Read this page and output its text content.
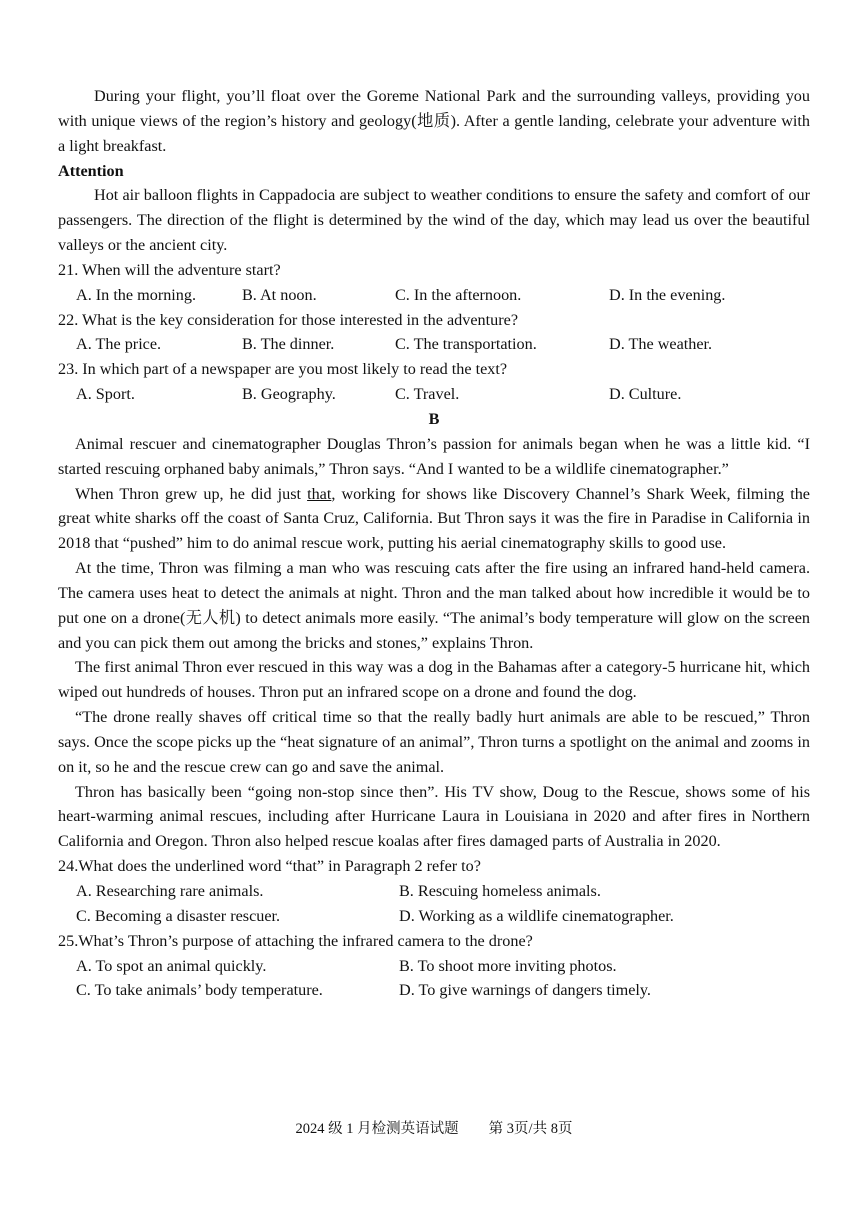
During your flight, you’ll float over the Goreme National Park and the surrounding valleys, providing you with unique views of the region’s history and geology(地质). After a gentle landing, celebrate your adventure with a light breakfast.

Attention

Hot air balloon flights in Cappadocia are subject to weather conditions to ensure the safety and comfort of our passengers. The direction of the flight is determined by the wind of the day, which may lead us over the beautiful valleys or the ancient city.

21. When will the adventure start?
A. In the morning.	B. At noon.	C. In the afternoon.	D. In the evening.
22. What is the key consideration for those interested in the adventure?
A. The price.	B. The dinner.	C. The transportation.	D. The weather.
23. In which part of a newspaper are you most likely to read the text?
A. Sport.	B. Geography.	C. Travel.	D. Culture.
B

Animal rescuer and cinematographer Douglas Thron’s passion for animals began when he was a little kid. “I started rescuing orphaned baby animals,” Thron says. “And I wanted to be a wildlife cinematographer.”

When Thron grew up, he did just that, working for shows like Discovery Channel’s Shark Week, filming the great white sharks off the coast of Santa Cruz, California. But Thron says it was the fire in Paradise in California in 2018 that “pushed” him to do animal rescue work, putting his aerial cinematography skills to good use.

At the time, Thron was filming a man who was rescuing cats after the fire using an infrared hand-held camera. The camera uses heat to detect the animals at night. Thron and the man talked about how incredible it would be to put one on a drone(无人机) to detect animals more easily. “The animal’s body temperature will glow on the screen and you can pick them out among the bricks and stones,” explains Thron.

The first animal Thron ever rescued in this way was a dog in the Bahamas after a category-5 hurricane hit, which wiped out hundreds of houses. Thron put an infrared scope on a drone and found the dog.

“The drone really shaves off critical time so that the really badly hurt animals are able to be rescued,” Thron says. Once the scope picks up the “heat signature of an animal”, Thron turns a spotlight on the animal and zooms in on it, so he and the rescue crew can go and save the animal.

Thron has basically been “going non-stop since then”. His TV show, Doug to the Rescue, shows some of his heart-warming animal rescues, including after Hurricane Laura in Louisiana in 2020 and after fires in Northern California and Oregon. Thron also helped rescue koalas after fires damaged parts of Australia in 2020.

24.What does the underlined word “that” in Paragraph 2 refer to?
A. Researching rare animals.	B. Rescuing homeless animals.
C. Becoming a disaster rescuer.	D. Working as a wildlife cinematographer.
25.What’s Thron’s purpose of attaching the infrared camera to the drone?
A. To spot an animal quickly.	B. To shoot more inviting photos.
C. To take animals’ body temperature.	D. To give warnings of dangers timely.
2024 级 1 月检测英语试题 第 3页/共 8页
